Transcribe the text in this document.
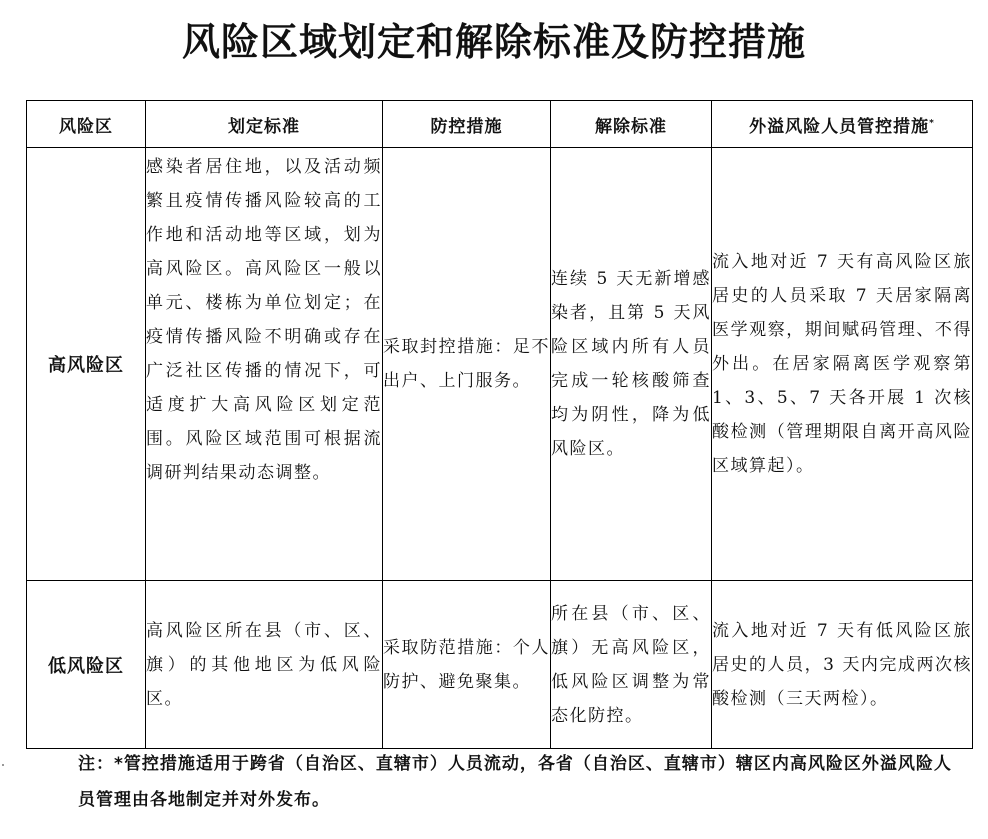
风险区域划定和解除标准及防控措施
风险区	划定标准	防控措施	解除标准	外溢风险人员管控措施*
高风险区	感染者居住地，以及活动频繁且疫情传播风险较高的工作地和活动地等区域，划为高风险区。高风险区一般以单元、楼栋为单位划定；在疫情传播风险不明确或存在广泛社区传播的情况下，可适度扩大高风险区划定范围。风险区域范围可根据流调研判结果动态调整。	采取封控措施：足不出户、上门服务。	连续 5 天无新增感染者，且第 5 天风险区域内所有人员完成一轮核酸筛查均为阴性，降为低风险区。	流入地对近 7 天有高风险区旅居史的人员采取 7 天居家隔离医学观察，期间赋码管理、不得外出。在居家隔离医学观察第1、3、5、7 天各开展 1 次核酸检测（管理期限自离开高风险区域算起）。
低风险区	高风险区所在县（市、区、旗）的其他地区为低风险区。	采取防范措施：个人防护、避免聚集。	所在县（市、区、旗）无高风险区，低风险区调整为常态化防控。	流入地对近 7 天有低风险区旅居史的人员，3 天内完成两次核酸检测（三天两检）。
注：*管控措施适用于跨省（自治区、直辖市）人员流动，各省（自治区、直辖市）辖区内高风险区外溢风险人员管理由各地制定并对外发布。
